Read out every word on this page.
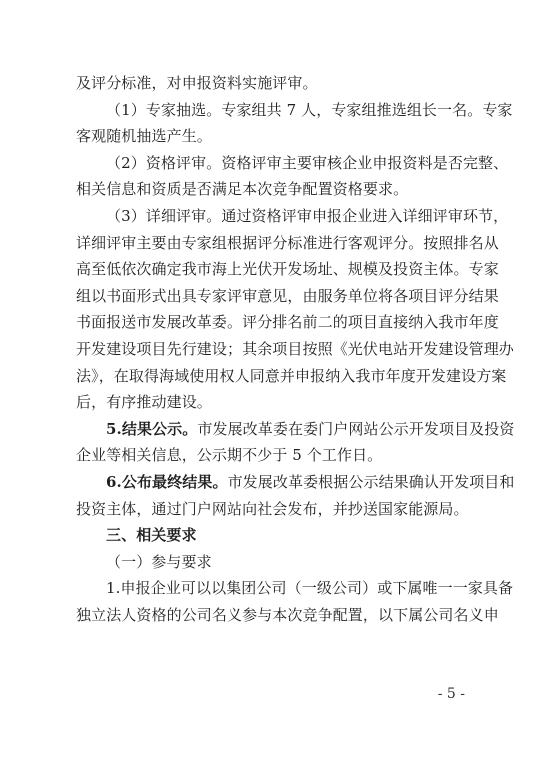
及评分标准，对申报资料实施评审。
（1）专家抽选。专家组共 7 人，专家组推选组长一名。专家
客观随机抽选产生。
（2）资格评审。资格评审主要审核企业申报资料是否完整、
相关信息和资质是否满足本次竞争配置资格要求。
（3）详细评审。通过资格评审申报企业进入详细评审环节，
详细评审主要由专家组根据评分标准进行客观评分。按照排名从
高至低依次确定我市海上光伏开发场址、规模及投资主体。专家
组以书面形式出具专家评审意见，由服务单位将各项目评分结果
书面报送市发展改革委。评分排名前二的项目直接纳入我市年度
开发建设项目先行建设；其余项目按照《光伏电站开发建设管理办
法》，在取得海域使用权人同意并申报纳入我市年度开发建设方案
后，有序推动建设。
5.结果公示。市发展改革委在委门户网站公示开发项目及投资
企业等相关信息，公示期不少于 5 个工作日。
6.公布最终结果。市发展改革委根据公示结果确认开发项目和
投资主体，通过门户网站向社会发布，并抄送国家能源局。
三、相关要求
（一）参与要求
1.申报企业可以以集团公司（一级公司）或下属唯一一家具备
独立法人资格的公司名义参与本次竞争配置，以下属公司名义申
- 5 -
